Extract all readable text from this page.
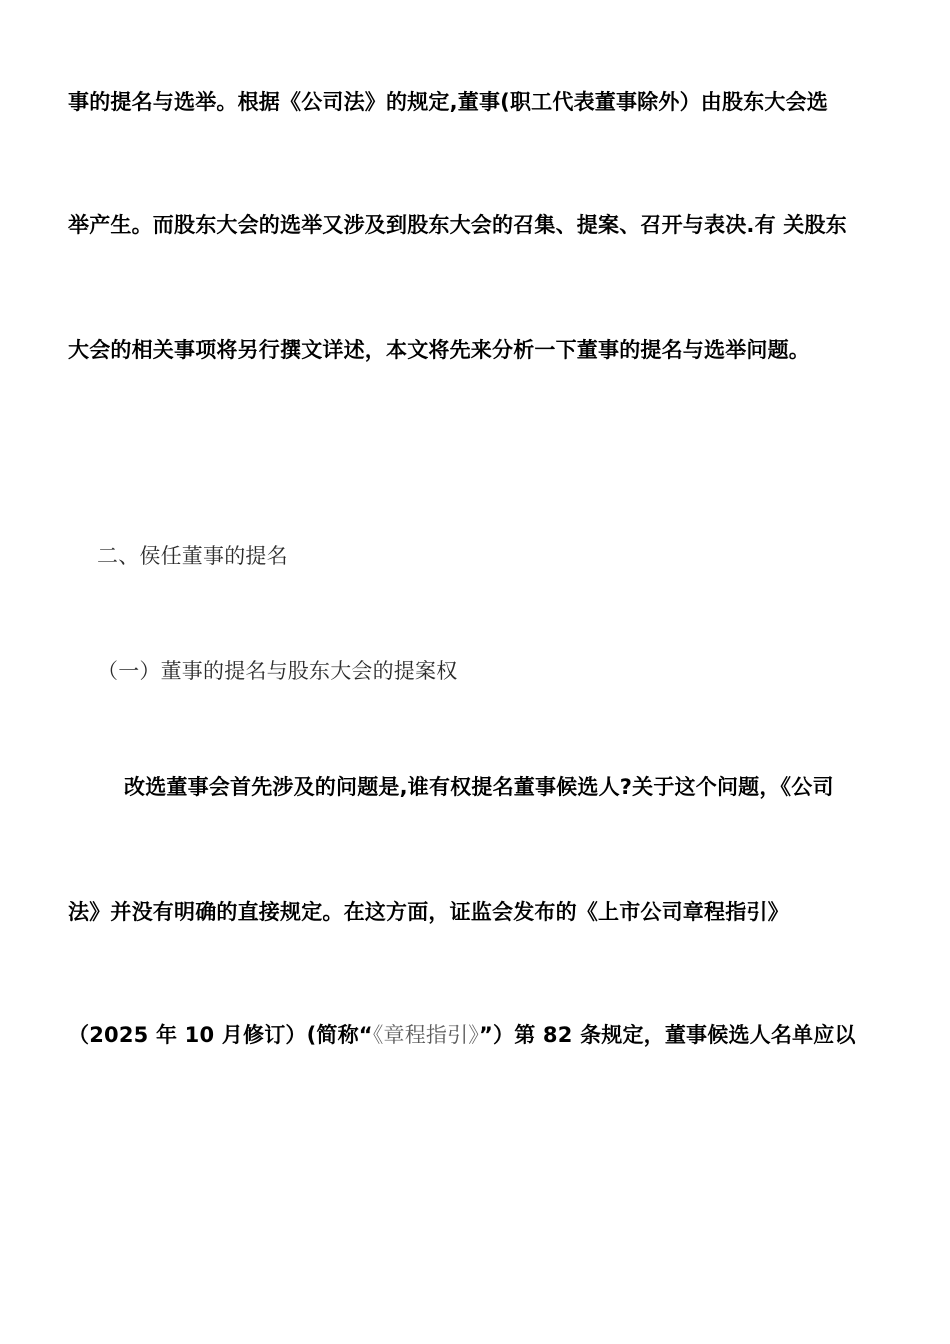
事的提名与选举。根据《公司法》的规定,董事(职工代表董事除外）由股东大会选
举产生。而股东大会的选举又涉及到股东大会的召集、提案、召开与表决.有 关股东
大会的相关事项将另行撰文详述，本文将先来分析一下董事的提名与选举问题。
二、侯任董事的提名
（一）董事的提名与股东大会的提案权
改选董事会首先涉及的问题是,谁有权提名董事候选人?关于这个问题，《公司
法》并没有明确的直接规定。在这方面，证监会发布的《上市公司章程指引》
（2025 年 10 月修订）(简称“《章程指引》”）第 82 条规定，董事候选人名单应以
